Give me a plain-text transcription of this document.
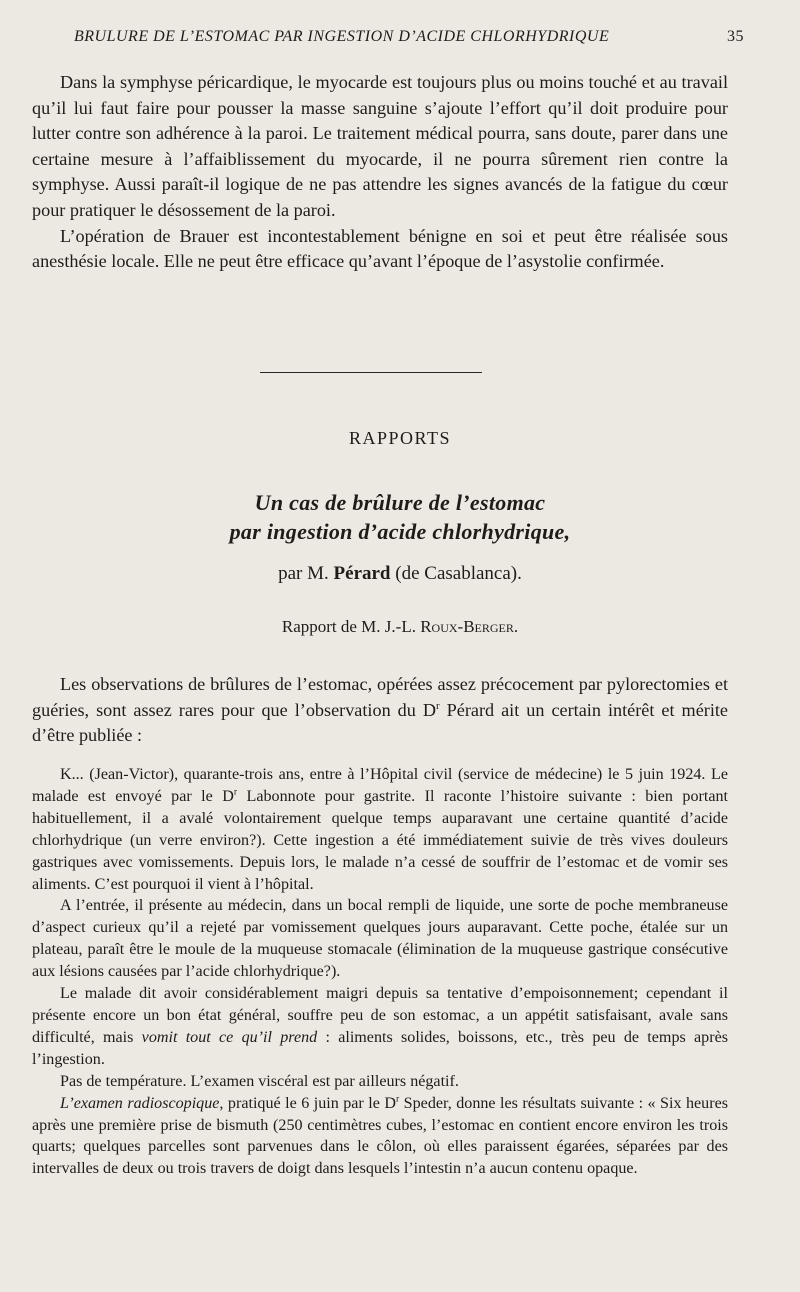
BRULURE DE L’ESTOMAC PAR INGESTION D’ACIDE CHLORHYDRIQUE	35

Dans la symphyse péricardique, le myocarde est toujours plus ou moins touché et au travail qu’il lui faut faire pour pousser la masse sanguine s’ajoute l’effort qu’il doit produire pour lutter contre son adhérence à la paroi. Le traitement médical pourra, sans doute, parer dans une certaine mesure à l’affaiblissement du myocarde, il ne pourra sûrement rien contre la symphyse. Aussi paraît-il logique de ne pas attendre les signes avancés de la fatigue du cœur pour pratiquer le désossement de la paroi.

L’opération de Brauer est incontestablement bénigne en soi et peut être réalisée sous anesthésie locale. Elle ne peut être efficace qu’avant l’époque de l’asystolie confirmée.

RAPPORTS
Un cas de brûlure de l’estomac
par ingestion d’acide chlorhydrique,
par M. Pérard (de Casablanca).
Rapport de M. J.-L. Roux-Berger.

Les observations de brûlures de l’estomac, opérées assez précocement par pylorectomies et guéries, sont assez rares pour que l’observation du $D^r$ Pérard ait un certain intérêt et mérite d’être publiée :

K... (Jean-Victor), quarante-trois ans, entre à l’Hôpital civil (service de médecine) le 5 juin 1924. Le malade est envoyé par le $D^r$ Labonnote pour gastrite. Il raconte l’histoire suivante : bien portant habituellement, il a avalé volontairement quelque temps auparavant une certaine quantité d’acide chlorhydrique (un verre environ?). Cette ingestion a été immédiatement suivie de très vives douleurs gastriques avec vomissements. Depuis lors, le malade n’a cessé de souffrir de l’estomac et de vomir ses aliments. C’est pourquoi il vient à l’hôpital.

A l’entrée, il présente au médecin, dans un bocal rempli de liquide, une sorte de poche membraneuse d’aspect curieux qu’il a rejeté par vomissement quelques jours auparavant. Cette poche, étalée sur un plateau, paraît être le moule de la muqueuse stomacale (élimination de la muqueuse gastrique consécutive aux lésions causées par l’acide chlorhydrique?).

Le malade dit avoir considérablement maigri depuis sa tentative d’empoisonnement; cependant il présente encore un bon état général, souffre peu de son estomac, a un appétit satisfaisant, avale sans difficulté, mais vomit tout ce qu’il prend : aliments solides, boissons, etc., très peu de temps après l’ingestion.

Pas de température. L’examen viscéral est par ailleurs négatif.

L’examen radioscopique, pratiqué le 6 juin par le $D^r$ Speder, donne les résultats suivante : « Six heures après une première prise de bismuth (250 centimètres cubes, l’estomac en contient encore environ les trois quarts; quelques parcelles sont parvenues dans le côlon, où elles paraissent égarées, séparées par des intervalles de deux ou trois travers de doigt dans lesquels l’intestin n’a aucun contenu opaque.
